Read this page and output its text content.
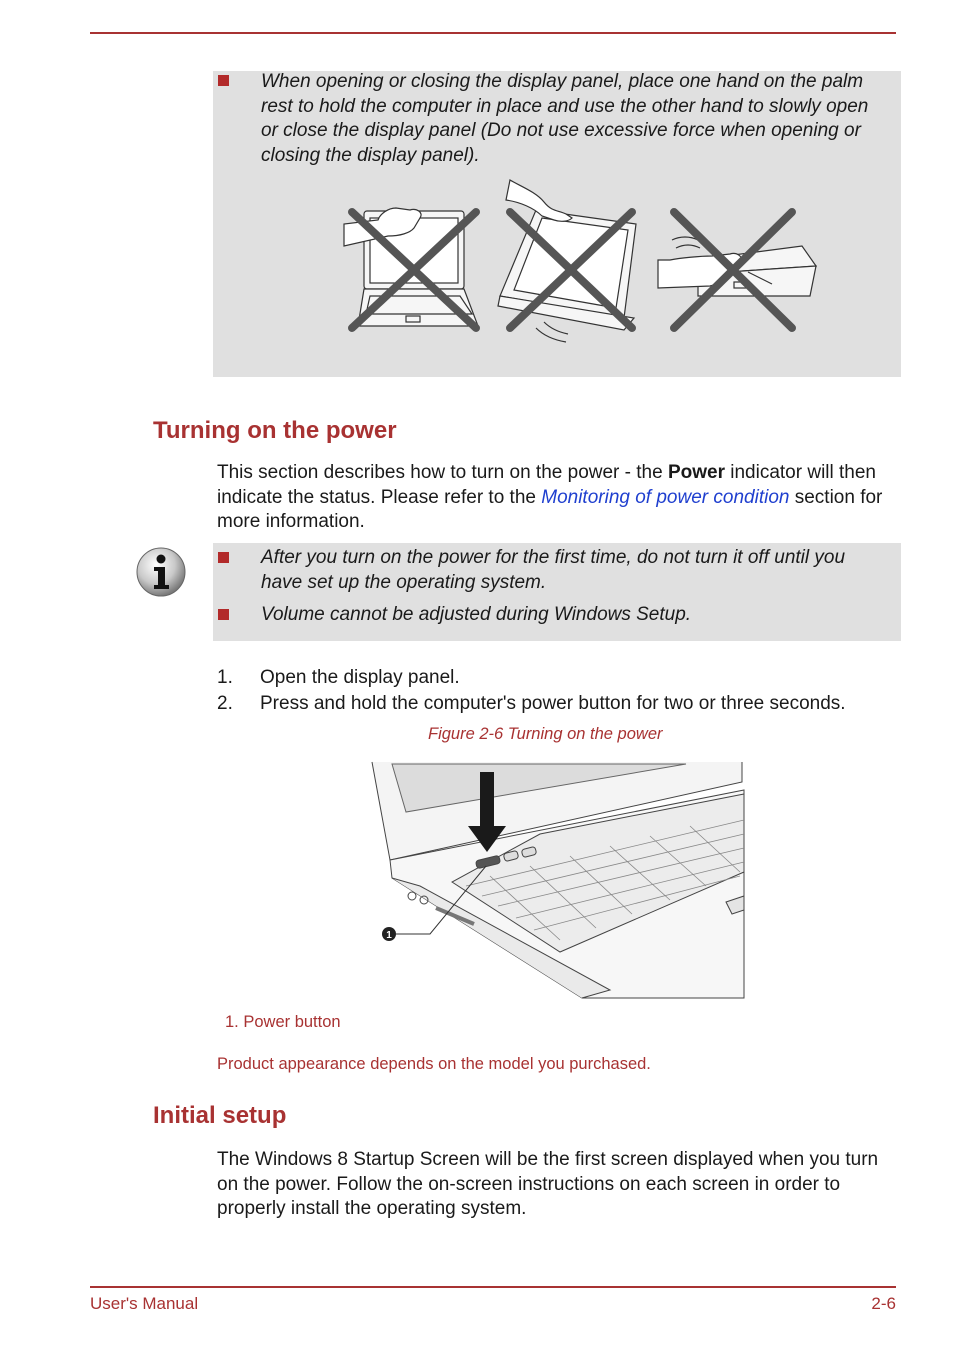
When opening or closing the display panel, place one hand on the palm rest to hold the computer in place and use the other hand to slowly open or close the display panel (Do not use excessive force when opening or closing the display panel).
Turning on the power

This section describes how to turn on the power - the Power indicator will then indicate the status. Please refer to the Monitoring of power condition section for more information.

After you turn on the power for the first time, do not turn it off until you have set up the operating system.
Volume cannot be adjusted during Windows Setup.
1. Open the display panel.
2. Press and hold the computer's power button for two or three seconds.
Figure 2-6 Turning on the power
1
1. Power button
Product appearance depends on the model you purchased.
Initial setup

The Windows 8 Startup Screen will be the first screen displayed when you turn on the power. Follow the on-screen instructions on each screen in order to properly install the operating system.

User's Manual	2-6
